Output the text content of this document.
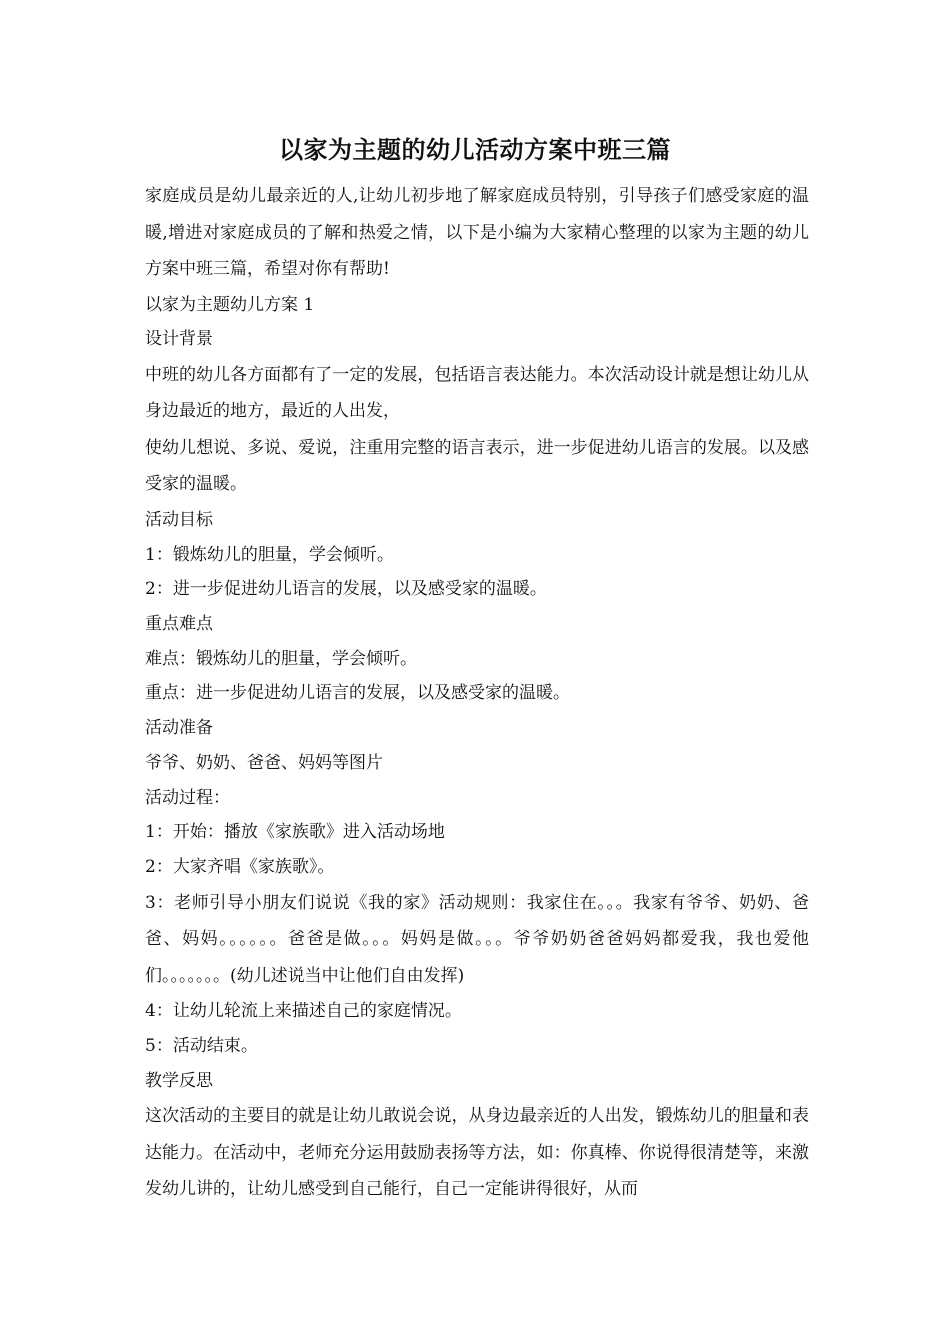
以家为主题的幼儿活动方案中班三篇

家庭成员是幼儿最亲近的人,让幼儿初步地了解家庭成员特别，引导孩子们感受家庭的温暖,增进对家庭成员的了解和热爱之情，以下是小编为大家精心整理的以家为主题的幼儿方案中班三篇，希望对你有帮助!

以家为主题幼儿方案 1

设计背景

中班的幼儿各方面都有了一定的发展，包括语言表达能力。本次活动设计就是想让幼儿从身边最近的地方，最近的人出发，

使幼儿想说、多说、爱说，注重用完整的语言表示，进一步促进幼儿语言的发展。以及感受家的温暖。

活动目标

1：锻炼幼儿的胆量，学会倾听。

2：进一步促进幼儿语言的发展，以及感受家的温暖。

重点难点

难点：锻炼幼儿的胆量，学会倾听。

重点：进一步促进幼儿语言的发展，以及感受家的温暖。

活动准备

爷爷、奶奶、爸爸、妈妈等图片

活动过程：

1：开始：播放《家族歌》进入活动场地

2：大家齐唱《家族歌》。

3：老师引导小朋友们说说《我的家》活动规则：我家住在。。。我家有爷爷、奶奶、爸爸、妈妈。。。。。。爸爸是做。。。妈妈是做。。。爷爷奶奶爸爸妈妈都爱我，我也爱他们。。。。。。。(幼儿述说当中让他们自由发挥)

4：让幼儿轮流上来描述自己的家庭情况。

5：活动结束。

教学反思

这次活动的主要目的就是让幼儿敢说会说，从身边最亲近的人出发，锻炼幼儿的胆量和表达能力。在活动中，老师充分运用鼓励表扬等方法，如：你真棒、你说得很清楚等，来激发幼儿讲的，让幼儿感受到自己能行，自己一定能讲得很好，从而
